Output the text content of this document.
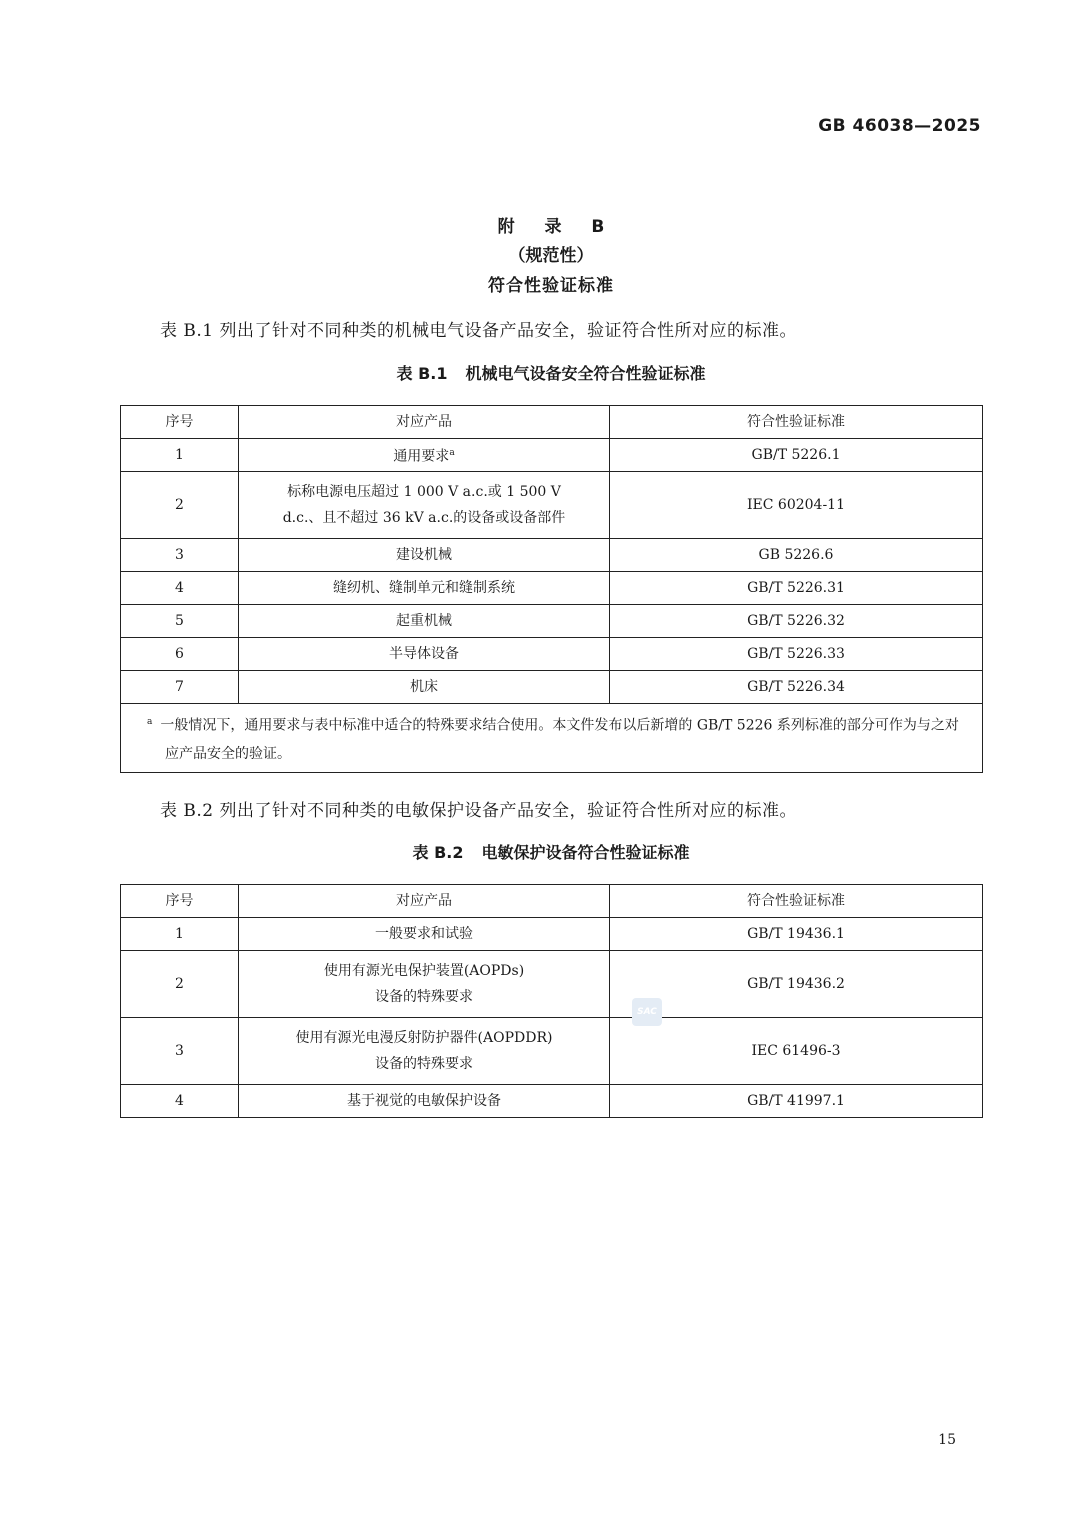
GB 46038—2025
附 录 B
（规范性）
符合性验证标准
表 B.1 列出了针对不同种类的机械电气设备产品安全，验证符合性所对应的标准。
表 B.1 机械电气设备安全符合性验证标准
序号	对应产品	符合性验证标准
1	通用要求$^a$	GB/T 5226.1
2	标称电源电压超过 1 000 V a.c.或 1 500 V
d.c.、且不超过 36 kV a.c.的设备或设备部件	IEC 60204-11
3	建设机械	GB 5226.6
4	缝纫机、缝制单元和缝制系统	GB/T 5226.31
5	起重机械	GB/T 5226.32
6	半导体设备	GB/T 5226.33
7	机床	GB/T 5226.34
$^a$ 一般情况下，通用要求与表中标准中适合的特殊要求结合使用。本文件发布以后新增的 GB/T 5226 系列标准的部分可作为与之对应产品安全的验证。		
表 B.2 列出了针对不同种类的电敏保护设备产品安全，验证符合性所对应的标准。
表 B.2 电敏保护设备符合性验证标准
序号	对应产品	符合性验证标准
1	一般要求和试验	GB/T 19436.1
2	使用有源光电保护装置(AOPDs)
设备的特殊要求	GB/T 19436.2
3	使用有源光电漫反射防护器件(AOPDDR)
设备的特殊要求	IEC 61496-3
4	基于视觉的电敏保护设备	GB/T 41997.1
SAC
15
